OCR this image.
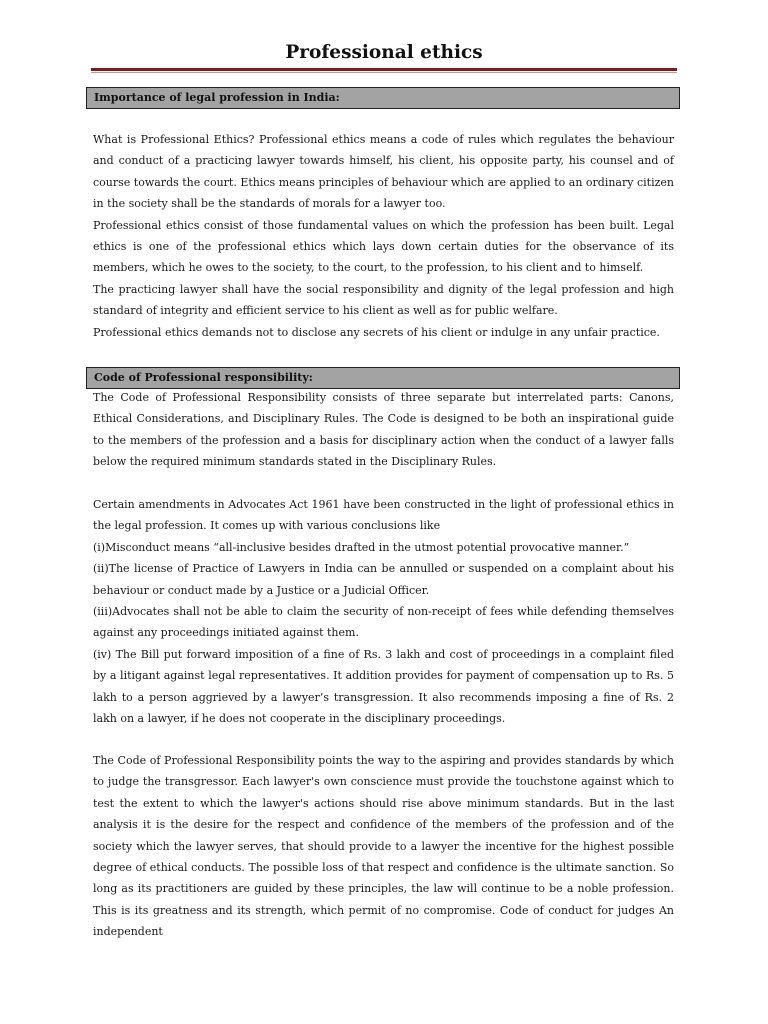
Professional ethics
Importance of legal profession in India:

What is Professional Ethics? Professional ethics means a code of rules which regulates the behaviour and conduct of a practicing lawyer towards himself, his client, his opposite party, his counsel and of course towards the court. Ethics means principles of behaviour which are applied to an ordinary citizen in the society shall be the standards of morals for a lawyer too.

Professional ethics consist of those fundamental values on which the profession has been built. Legal ethics is one of the professional ethics which lays down certain duties for the observance of its members, which he owes to the society, to the court, to the profession, to his client and to himself.

The practicing lawyer shall have the social responsibility and dignity of the legal profession and high standard of integrity and efficient service to his client as well as for public welfare.

Professional ethics demands not to disclose any secrets of his client or indulge in any unfair practice.

Code of Professional responsibility:

The Code of Professional Responsibility consists of three separate but interrelated parts: Canons, Ethical Considerations, and Disciplinary Rules. The Code is designed to be both an inspirational guide to the members of the profession and a basis for disciplinary action when the conduct of a lawyer falls below the required minimum standards stated in the Disciplinary Rules.

Certain amendments in Advocates Act 1961 have been constructed in the light of professional ethics in the legal profession. It comes up with various conclusions like

(i)Misconduct means “all-inclusive besides drafted in the utmost potential provocative manner.”

(ii)The license of Practice of Lawyers in India can be annulled or suspended on a complaint about his behaviour or conduct made by a Justice or a Judicial Officer.

(iii)Advocates shall not be able to claim the security of non-receipt of fees while defending themselves against any proceedings initiated against them.

(iv) The Bill put forward imposition of a fine of Rs. 3 lakh and cost of proceedings in a complaint filed by a litigant against legal representatives. It addition provides for payment of compensation up to Rs. 5 lakh to a person aggrieved by a lawyer’s transgression. It also recommends imposing a fine of Rs. 2 lakh on a lawyer, if he does not cooperate in the disciplinary proceedings.

The Code of Professional Responsibility points the way to the aspiring and provides standards by which to judge the transgressor. Each lawyer's own conscience must provide the touchstone against which to test the extent to which the lawyer's actions should rise above minimum standards. But in the last analysis it is the desire for the respect and confidence of the members of the profession and of the society which the lawyer serves, that should provide to a lawyer the incentive for the highest possible degree of ethical conducts. The possible loss of that respect and confidence is the ultimate sanction. So long as its practitioners are guided by these principles, the law will continue to be a noble profession. This is its greatness and its strength, which permit of no compromise. Code of conduct for judges An independent
